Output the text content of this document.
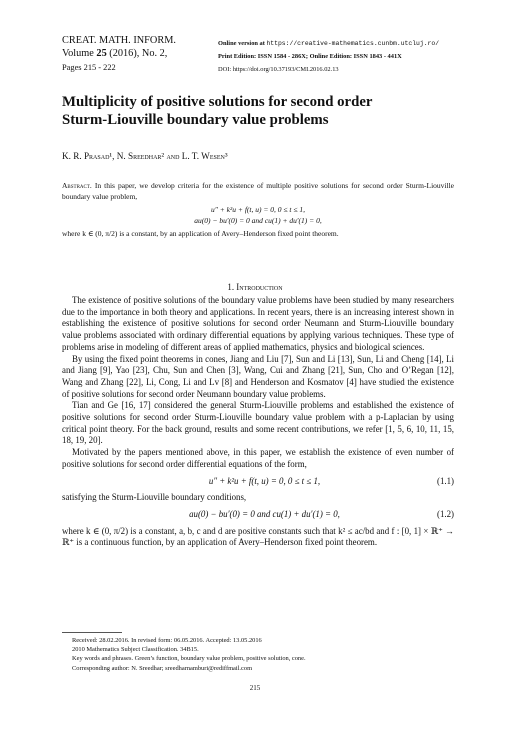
CREAT. MATH. INFORM.
Volume 25 (2016), No. 2,
Pages 215 - 222
Online version at https://creative-mathematics.cunbm.utcluj.ro/
Print Edition: ISSN 1584 - 286X; Online Edition: ISSN 1843 - 441X
DOI: https://doi.org/10.37193/CMI.2016.02.13
Multiplicity of positive solutions for second order
Sturm-Liouville boundary value problems
K. R. Prasad¹, N. Sreedhar² and L. T. Wesen³
Abstract. In this paper, we develop criteria for the existence of multiple positive solutions for second order Sturm-Liouville boundary value problem,
u″ + k²u + f(t, u) = 0, 0 ≤ t ≤ 1,
au(0) − bu′(0) = 0 and cu(1) + du′(1) = 0,
where k ∈ (0, π/2) is a constant, by an application of Avery–Henderson fixed point theorem.
1. Introduction

The existence of positive solutions of the boundary value problems have been studied by many researchers due to the importance in both theory and applications. In recent years, there is an increasing interest shown in establishing the existence of positive solutions for second order Neumann and Sturm-Liouville boundary value problems associated with ordinary differential equations by applying various techniques. These type of problems arise in modeling of different areas of applied mathematics, physics and biological sciences.

By using the fixed point theorems in cones, Jiang and Liu [7], Sun and Li [13], Sun, Li and Cheng [14], Li and Jiang [9], Yao [23], Chu, Sun and Chen [3], Wang, Cui and Zhang [21], Sun, Cho and O’Regan [12], Wang and Zhang [22], Li, Cong, Li and Lv [8] and Henderson and Kosmatov [4] have studied the existence of positive solutions for second order Neumann boundary value problems.

Tian and Ge [16, 17] considered the general Sturm-Liouville problems and established the existence of positive solutions for second order Sturm-Liouville boundary value problem with a p-Laplacian by using critical point theory. For the back ground, results and some recent contributions, we refer [1, 5, 6, 10, 11, 15, 18, 19, 20].

Motivated by the papers mentioned above, in this paper, we establish the existence of even number of positive solutions for second order differential equations of the form,

u″ + k²u + f(t, u) = 0, 0 ≤ t ≤ 1,	(1.1)

satisfying the Sturm-Liouville boundary conditions,

au(0) − bu′(0) = 0 and cu(1) + du′(1) = 0,	(1.2)

where k ∈ (0, π/2) is a constant, a, b, c and d are positive constants such that k² ≤ ac/bd and f : [0, 1] × ℝ⁺ → ℝ⁺ is a continuous function, by an application of Avery–Henderson fixed point theorem.

Received: 28.02.2016. In revised form: 06.05.2016. Accepted: 13.05.2016
2010 Mathematics Subject Classification. 34B15.
Key words and phrases. Green’s function, boundary value problem, positive solution, cone.
Corresponding author: N. Sreedhar; sreedharnamburi@rediffmail.com
215
